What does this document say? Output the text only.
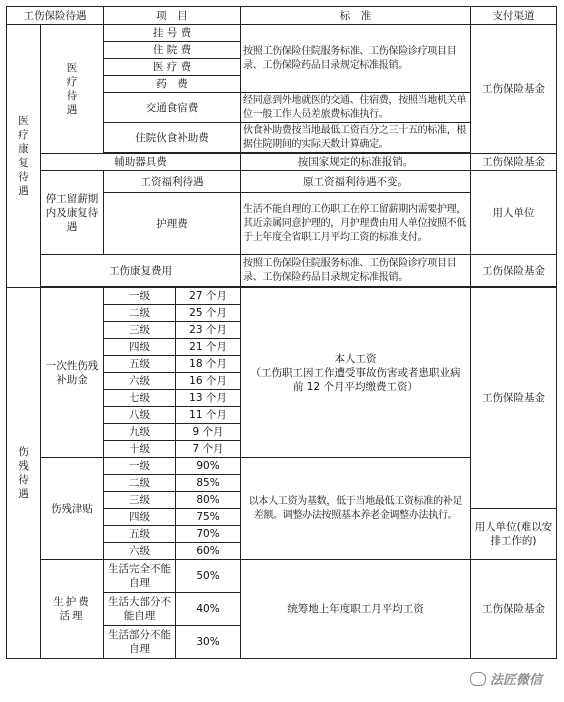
工伤保险待遇		项　目		标　准	支付渠道
医疗康复待遇	医疗待遇	挂 号 费		按照工伤保险住院服务标准、工伤保险诊疗项目目录、工伤保险药品目录规定标准报销。	工伤保险基金
		住 院 费			
		医 疗 费			
		药　费			
		交通食宿费		经同意到外地就医的交通、住宿费，按照当地机关单位一般工作人员差旅费标准执行。	
		住院伙食补助费		伙食补助费按当地最低工资百分之三十五的标准，根据住院期间的实际天数计算确定。	

	辅助器具费			按国家规定的标准报销。	工伤保险基金
	停工留薪期内及康复待遇	工资福利待遇		原工资福利待遇不变。	用人单位
		护理费		生活不能自理的工伤职工在停工留薪期内需要护理，其近亲属同意护理的，月护理费由用人单位按照不低于上年度全省职工月平均工资的标准支付。	
	工伤康复费用			按照工伤保险住院服务标准、工伤保险诊疗项目目录、工伤保险药品目录规定标准报销。	工伤保险基金

伤残待遇	一次性伤残补助金	一级	27 个月	本人工资
（工伤职工因工作遭受事故伤害或者患职业病前 12 个月平均缴费工资）	工伤保险基金
		二级	25 个月		
		三级	23 个月		
		四级	21 个月		
		五级	18 个月		
		六级	16 个月		
		七级	13 个月		
		八级	11 个月		
		九级	9 个月		
		十级	7 个月		
	伤残津贴	一级	90%	以本人工资为基数，低于当地最低工资标准的补足差额。调整办法按照基本养老金调整办法执行。	
		二级	85%		
		三级	80%		
		四级	75%		用人单位(难以安排工作的)
		五级	70%		
		六级	60%		
	生护费活理	生活完全不能自理	50%	统筹地上年度职工月平均工资	工伤保险基金
		生活大部分不能自理	40%		
		生活部分不能自理	30%		
法匠微信
